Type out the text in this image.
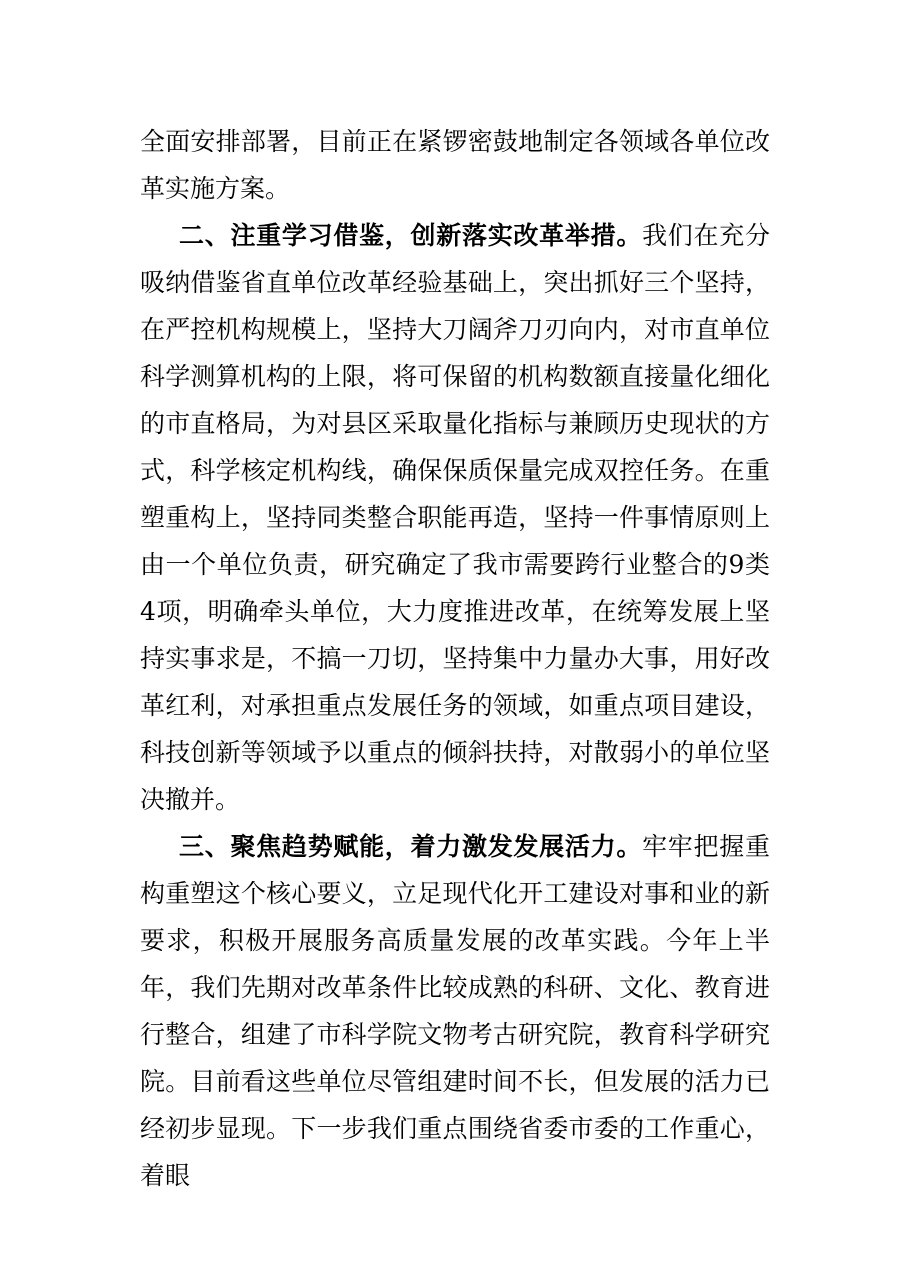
全面安排部署，目前正在紧锣密鼓地制定各领域各单位改革实施方案。

二、注重学习借鉴，创新落实改革举措。我们在充分吸纳借鉴省直单位改革经验基础上，突出抓好三个坚持，在严控机构规模上，坚持大刀阔斧刀刃向内，对市直单位科学测算机构的上限，将可保留的机构数额直接量化细化的市直格局，为对县区采取量化指标与兼顾历史现状的方式，科学核定机构线，确保保质保量完成双控任务。在重塑重构上，坚持同类整合职能再造，坚持一件事情原则上由一个单位负责，研究确定了我市需要跨行业整合的9类4项，明确牵头单位，大力度推进改革，在统筹发展上坚持实事求是，不搞一刀切，坚持集中力量办大事，用好改革红利，对承担重点发展任务的领域，如重点项目建设，科技创新等领域予以重点的倾斜扶持，对散弱小的单位坚决撤并。

三、聚焦趋势赋能，着力激发发展活力。牢牢把握重构重塑这个核心要义，立足现代化开工建设对事和业的新要求，积极开展服务高质量发展的改革实践。今年上半年，我们先期对改革条件比较成熟的科研、文化、教育进行整合，组建了市科学院文物考古研究院，教育科学研究院。目前看这些单位尽管组建时间不长，但发展的活力已经初步显现。下一步我们重点围绕省委市委的工作重心，着眼
